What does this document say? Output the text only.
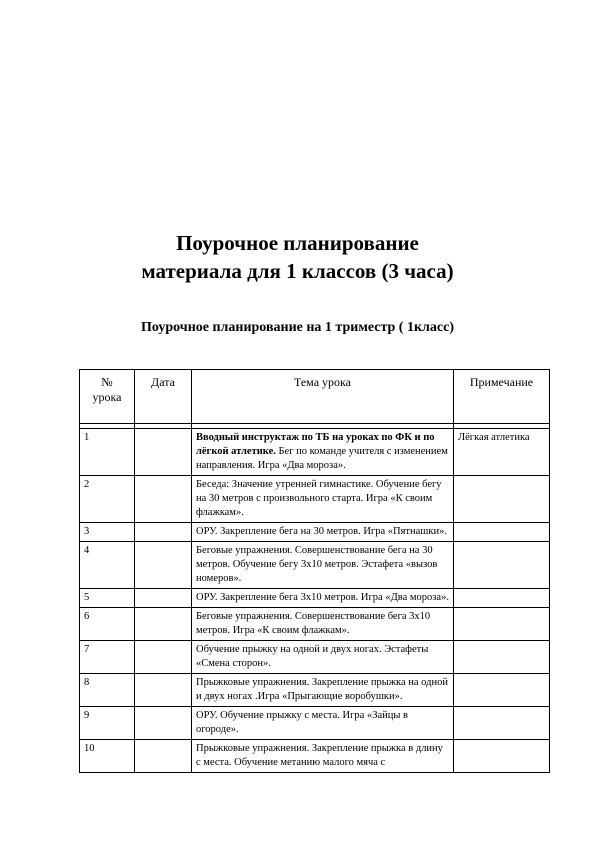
Поурочное планирование
материала для 1 классов (3 часа)
Поурочное планирование на 1 триместр ( 1класс)
№
урока	Дата	Тема урока	Примечание

1		Вводный инструктаж по ТБ на уроках по ФК и по лёгкой атлетике. Бег по команде учителя с изменением направления. Игра «Два мороза».	Лёгкая атлетика
2		Беседа: Значение утренней гимнастике. Обучение бегу на 30 метров с произвольного старта. Игра «К своим флажкам».	
3		ОРУ. Закрепление бега на 30 метров. Игра «Пятнашки».	
4		Беговые упражнения. Совершенствование бега на 30 метров. Обучение бегу 3х10 метров. Эстафета «вызов номеров».	
5		ОРУ. Закрепление бега 3х10 метров. Игра «Два мороза».	
6		Беговые упражнения. Совершенствование бега 3х10 метров. Игра «К своим флажкам».	
7		Обучение прыжку на одной и двух ногах. Эстафеты «Смена сторон».	
8		Прыжковые упражнения. Закрепление прыжка на одной и двух ногах .Игра «Прыгающие воробушки».	
9		ОРУ. Обучение прыжку с места. Игра «Зайцы в огороде».	
10		Прыжковые упражнения. Закрепление прыжка в длину с места. Обучение метанию малого мяча с	
